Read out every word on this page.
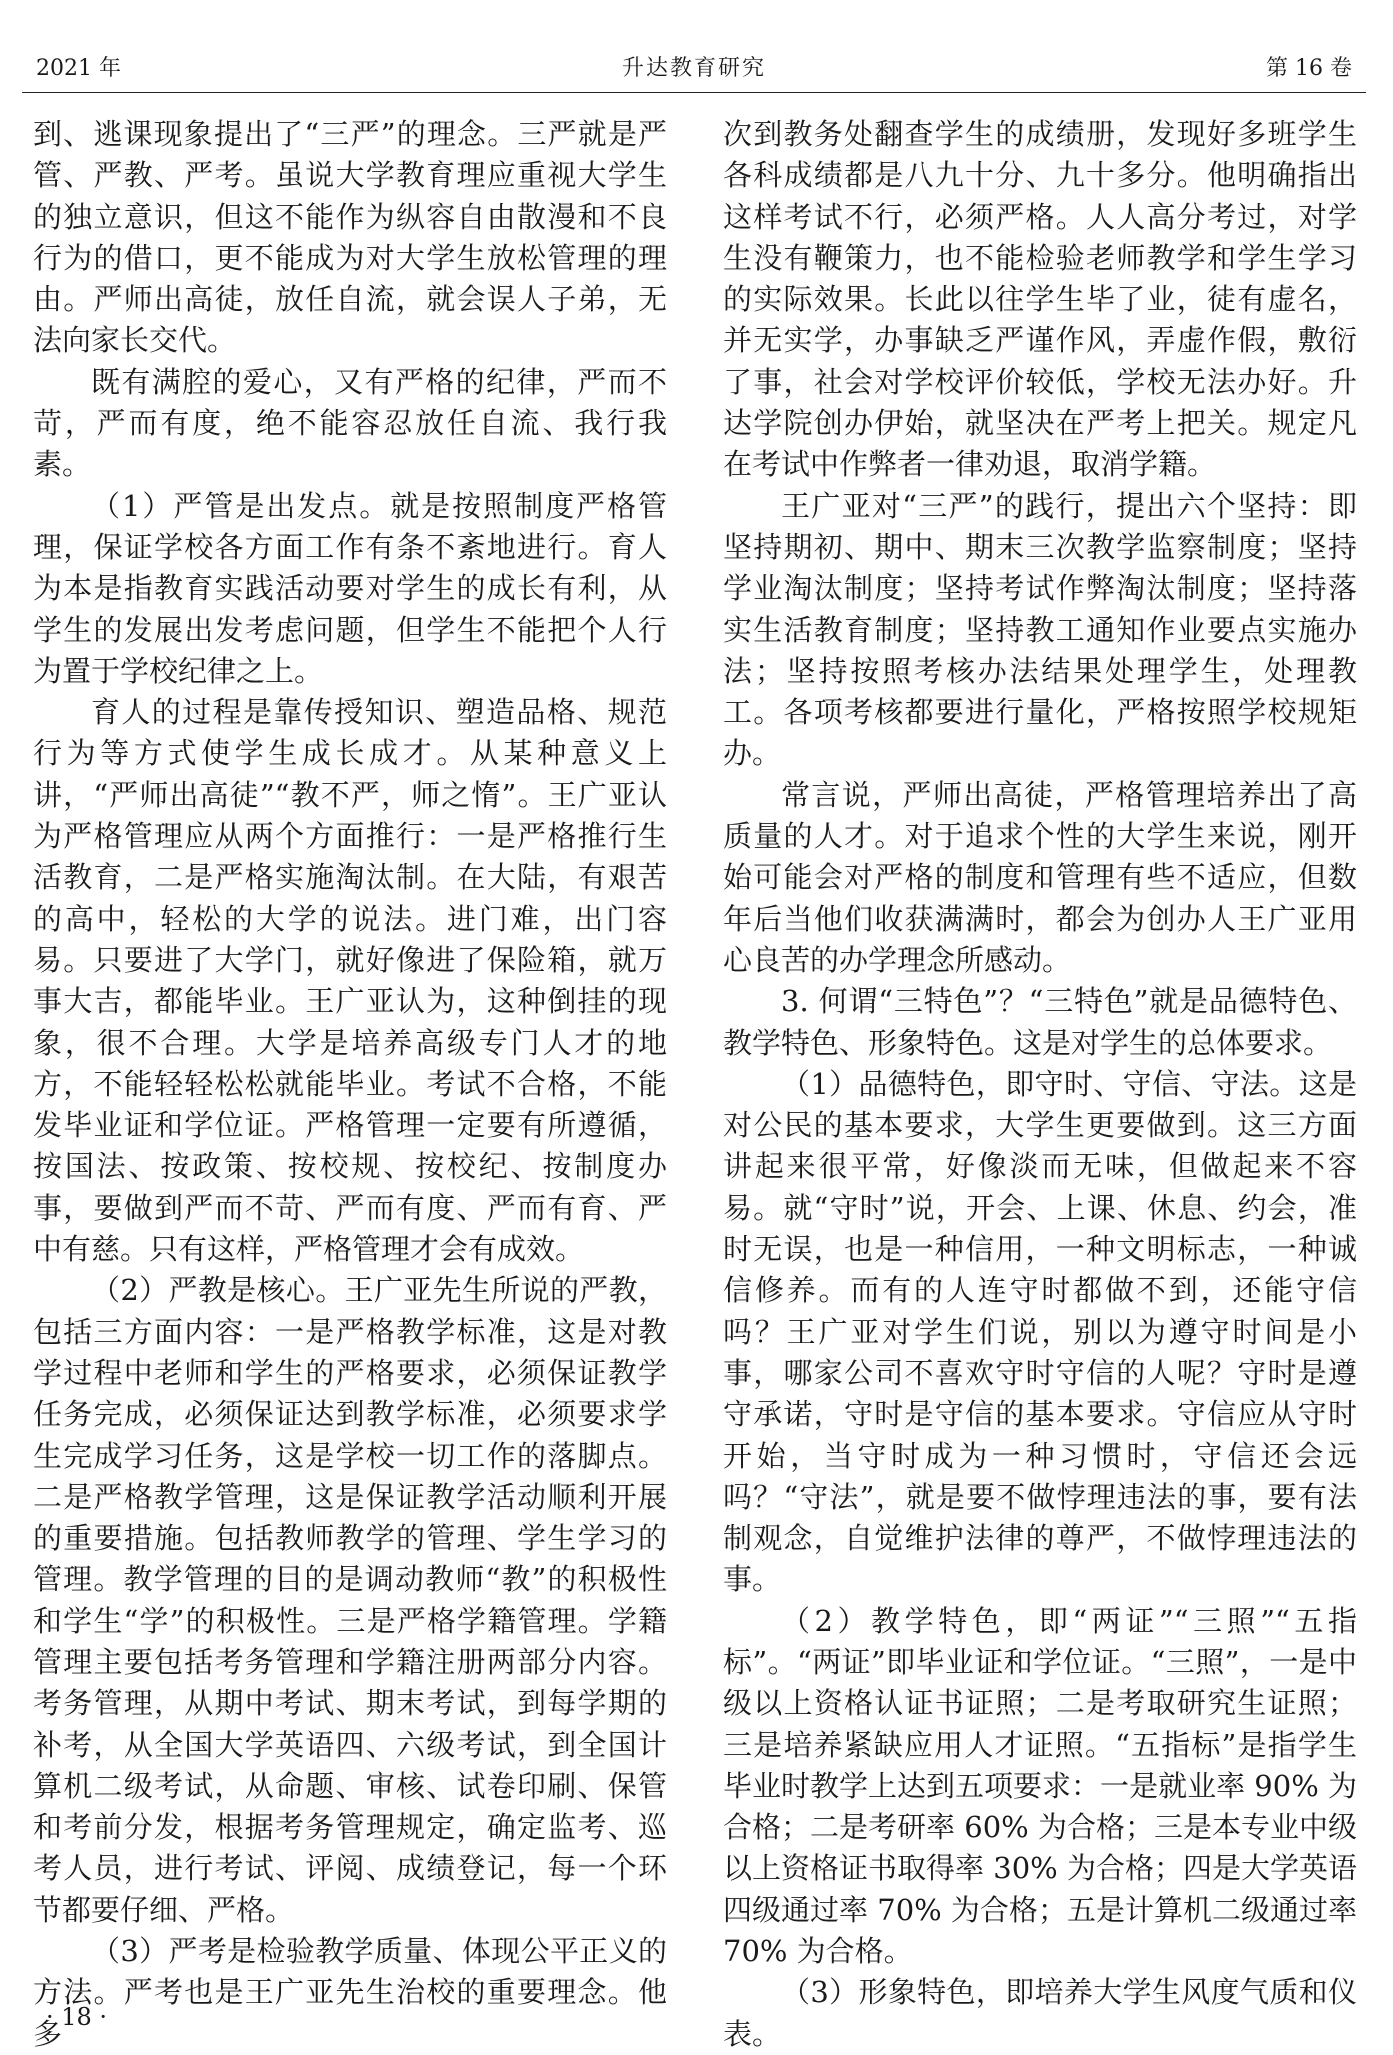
2021 年	升达教育研究	第 16 卷

到、逃课现象提出了“三严”的理念。三严就是严管、严教、严考。虽说大学教育理应重视大学生的独立意识，但这不能作为纵容自由散漫和不良行为的借口，更不能成为对大学生放松管理的理由。严师出高徒，放任自流，就会误人子弟，无法向家长交代。

既有满腔的爱心，又有严格的纪律，严而不苛，严而有度，绝不能容忍放任自流、我行我素。

（1）严管是出发点。就是按照制度严格管理，保证学校各方面工作有条不紊地进行。育人为本是指教育实践活动要对学生的成长有利，从学生的发展出发考虑问题，但学生不能把个人行为置于学校纪律之上。

育人的过程是靠传授知识、塑造品格、规范行为等方式使学生成长成才。从某种意义上讲，“严师出高徒”“教不严，师之惰”。王广亚认为严格管理应从两个方面推行：一是严格推行生活教育，二是严格实施淘汰制。在大陆，有艰苦的高中，轻松的大学的说法。进门难，出门容易。只要进了大学门，就好像进了保险箱，就万事大吉，都能毕业。王广亚认为，这种倒挂的现象，很不合理。大学是培养高级专门人才的地方，不能轻轻松松就能毕业。考试不合格，不能发毕业证和学位证。严格管理一定要有所遵循，按国法、按政策、按校规、按校纪、按制度办事，要做到严而不苛、严而有度、严而有育、严中有慈。只有这样，严格管理才会有成效。

（2）严教是核心。王广亚先生所说的严教，包括三方面内容：一是严格教学标准，这是对教学过程中老师和学生的严格要求，必须保证教学任务完成，必须保证达到教学标准，必须要求学生完成学习任务，这是学校一切工作的落脚点。二是严格教学管理，这是保证教学活动顺利开展的重要措施。包括教师教学的管理、学生学习的管理。教学管理的目的是调动教师“教”的积极性和学生“学”的积极性。三是严格学籍管理。学籍管理主要包括考务管理和学籍注册两部分内容。考务管理，从期中考试、期末考试，到每学期的补考，从全国大学英语四、六级考试，到全国计算机二级考试，从命题、审核、试卷印刷、保管和考前分发，根据考务管理规定，确定监考、巡考人员，进行考试、评阅、成绩登记，每一个环节都要仔细、严格。

（3）严考是检验教学质量、体现公平正义的方法。严考也是王广亚先生治校的重要理念。他多

次到教务处翻查学生的成绩册，发现好多班学生各科成绩都是八九十分、九十多分。他明确指出这样考试不行，必须严格。人人高分考过，对学生没有鞭策力，也不能检验老师教学和学生学习的实际效果。长此以往学生毕了业，徒有虚名，并无实学，办事缺乏严谨作风，弄虚作假，敷衍了事，社会对学校评价较低，学校无法办好。升达学院创办伊始，就坚决在严考上把关。规定凡在考试中作弊者一律劝退，取消学籍。

王广亚对“三严”的践行，提出六个坚持：即坚持期初、期中、期末三次教学监察制度；坚持学业淘汰制度；坚持考试作弊淘汰制度；坚持落实生活教育制度；坚持教工通知作业要点实施办法；坚持按照考核办法结果处理学生，处理教工。各项考核都要进行量化，严格按照学校规矩办。

常言说，严师出高徒，严格管理培养出了高质量的人才。对于追求个性的大学生来说，刚开始可能会对严格的制度和管理有些不适应，但数年后当他们收获满满时，都会为创办人王广亚用心良苦的办学理念所感动。

3. 何谓“三特色”？“三特色”就是品德特色、教学特色、形象特色。这是对学生的总体要求。

（1）品德特色，即守时、守信、守法。这是对公民的基本要求，大学生更要做到。这三方面讲起来很平常，好像淡而无味，但做起来不容易。就“守时”说，开会、上课、休息、约会，准时无误，也是一种信用，一种文明标志，一种诚信修养。而有的人连守时都做不到，还能守信吗？王广亚对学生们说，别以为遵守时间是小事，哪家公司不喜欢守时守信的人呢？守时是遵守承诺，守时是守信的基本要求。守信应从守时开始，当守时成为一种习惯时，守信还会远吗？“守法”，就是要不做悖理违法的事，要有法制观念，自觉维护法律的尊严，不做悖理违法的事。

（2）教学特色，即“两证”“三照”“五指标”。“两证”即毕业证和学位证。“三照”，一是中级以上资格认证书证照；二是考取研究生证照；三是培养紧缺应用人才证照。“五指标”是指学生毕业时教学上达到五项要求：一是就业率 90% 为合格；二是考研率 60% 为合格；三是本专业中级以上资格证书取得率 30% 为合格；四是大学英语四级通过率 70% 为合格；五是计算机二级通过率 70% 为合格。

（3）形象特色，即培养大学生风度气质和仪表。

· 18 ·
